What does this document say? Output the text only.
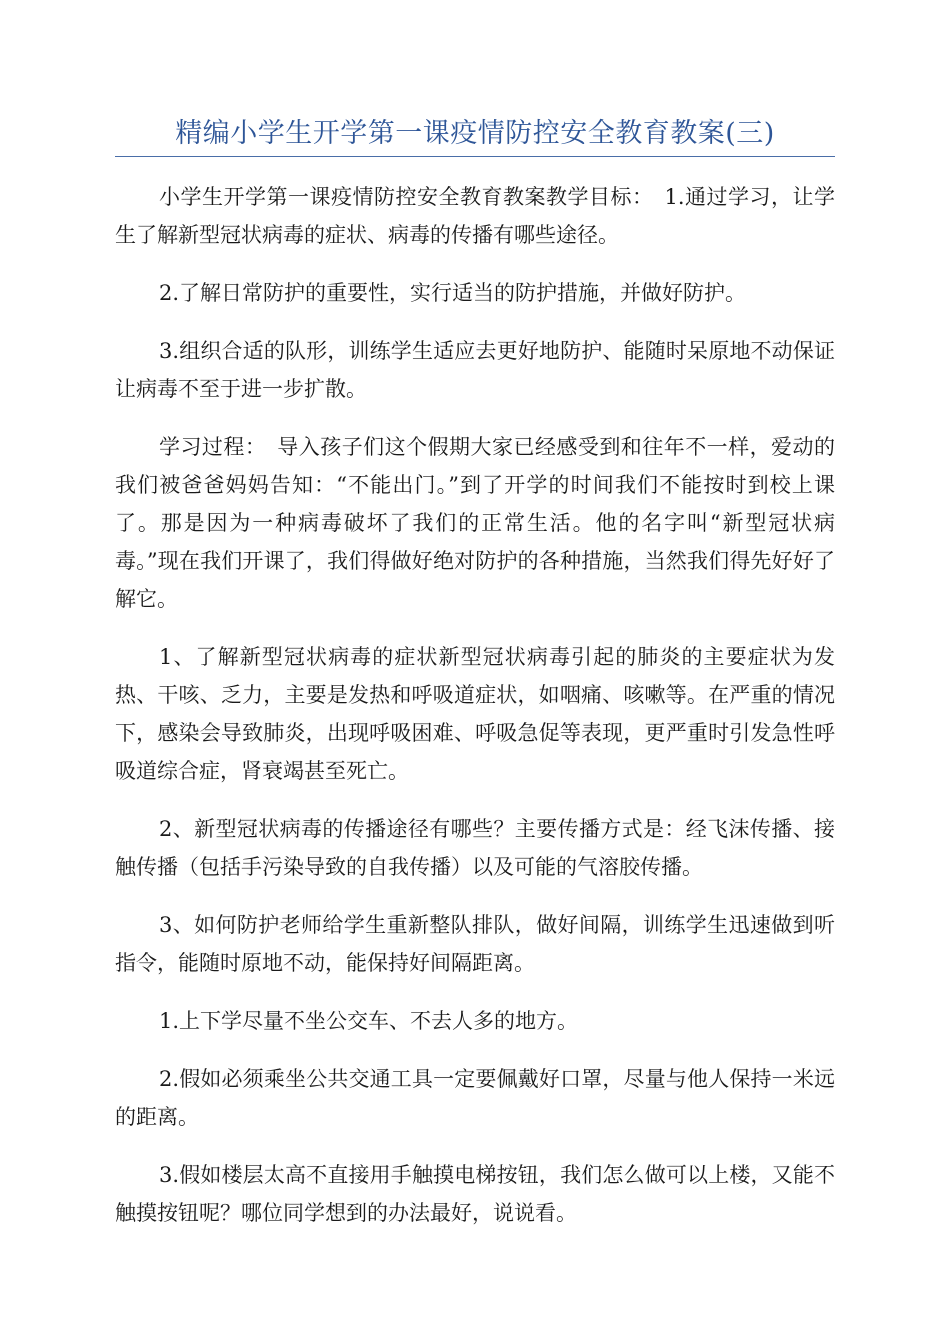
精编小学生开学第一课疫情防控安全教育教案(三)

小学生开学第一课疫情防控安全教育教案教学目标：　1.通过学习，让学生了解新型冠状病毒的症状、病毒的传播有哪些途径。

2.了解日常防护的重要性，实行适当的防护措施，并做好防护。

3.组织合适的队形，训练学生适应去更好地防护、能随时呆原地不动保证让病毒不至于进一步扩散。

学习过程：　导入孩子们这个假期大家已经感受到和往年不一样，爱动的我们被爸爸妈妈告知：“不能出门。”到了开学的时间我们不能按时到校上课了。那是因为一种病毒破坏了我们的正常生活。他的名字叫“新型冠状病毒。”现在我们开课了，我们得做好绝对防护的各种措施，当然我们得先好好了解它。

1、了解新型冠状病毒的症状新型冠状病毒引起的肺炎的主要症状为发热、干咳、乏力，主要是发热和呼吸道症状，如咽痛、咳嗽等。在严重的情况下，感染会导致肺炎，出现呼吸困难、呼吸急促等表现，更严重时引发急性呼吸道综合症，肾衰竭甚至死亡。

2、新型冠状病毒的传播途径有哪些？主要传播方式是：经飞沫传播、接触传播（包括手污染导致的自我传播）以及可能的气溶胶传播。

3、如何防护老师给学生重新整队排队，做好间隔，训练学生迅速做到听指令，能随时原地不动，能保持好间隔距离。

1.上下学尽量不坐公交车、不去人多的地方。

2.假如必须乘坐公共交通工具一定要佩戴好口罩，尽量与他人保持一米远的距离。

3.假如楼层太高不直接用手触摸电梯按钮，我们怎么做可以上楼，又能不触摸按钮呢？哪位同学想到的办法最好，说说看。
